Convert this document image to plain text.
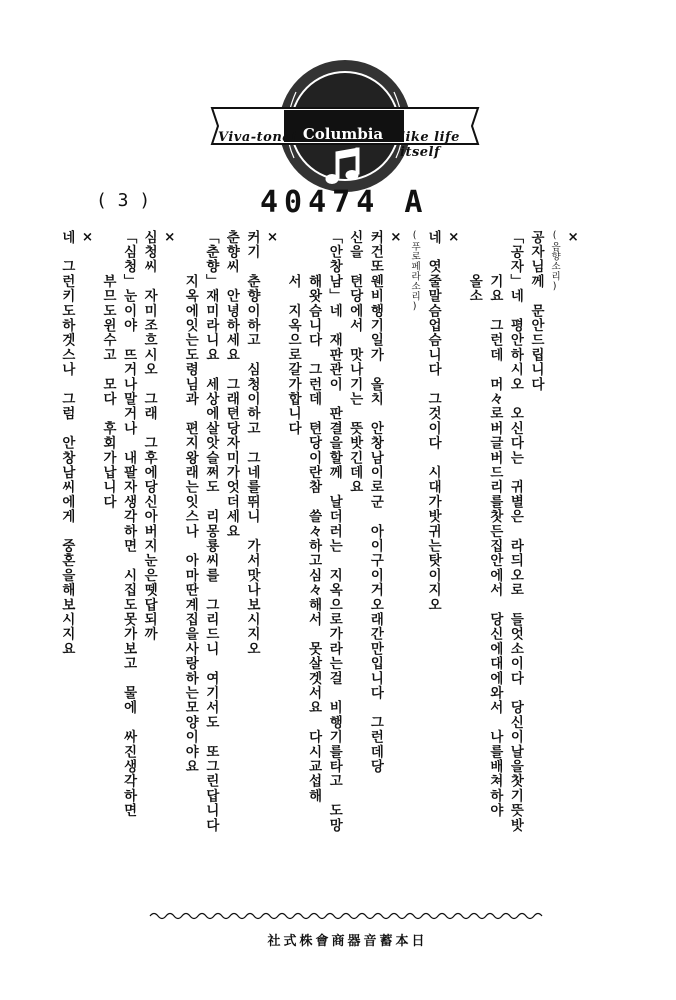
Viva-tonal Columbia	like life itself
( 3 )	40474 A
×
(음향소리)
공자님께　문안드립니다
「공자」네　평안하시오　오신다는　귀별은　라듸오로　들엇소이다　당신이날을찻기뜻밧
　　　기요　그런데　머々로버글버드리를찻든집안에서　당신에대에와서　나를배쳐하야
　　　올소
×
네　엿줄말슴업슴니다　그것이다　시대가밧귀는탓이지오
(푸로페라소리)
×
커건또웬비행기일가　올치　안창남이로군　아이구이거오래간만입니다　그런데당
신을　텬당에서　맛나기는　뜻밧긴데요
「안창남」네　재판관이　판결을할께　날더러는　지옥으로가라는걸　비행기를타고　도망
　　　해왓슴니다　그런데　텬당이란참　쓸々하고심々해서　못살겟서요　다시교섭해
　　　서　지옥으로갈가합니다
×
커기　춘향이하고　심청이하고　그네를뛰니　가서맛나보시지오
춘향씨　안녕하세요　그래텬당자미가엇더세요
「춘향」재미라니요　세상에살앗슬쩌도　리몽룡씨를　그리드니　여기서도　또그린답니다
　　　지옥에잇는도령님과　편지왕래는잇스나　아마딴계집을사랑하는모양이야요
×
심청씨　자미조흐시오　그래　그후에당신아버지눈은뗏답되까
「심청」눈이야　뜨거나말거나　내팔자생각하면　시집도못가보고　물에　싸진생각하면
　　　부므도윈수고　모다　후회가납니다
×
네　그런키도하겟스나　그럼　안창남씨에게　중혼을해보시지요
日本蓄音器商會株式社
